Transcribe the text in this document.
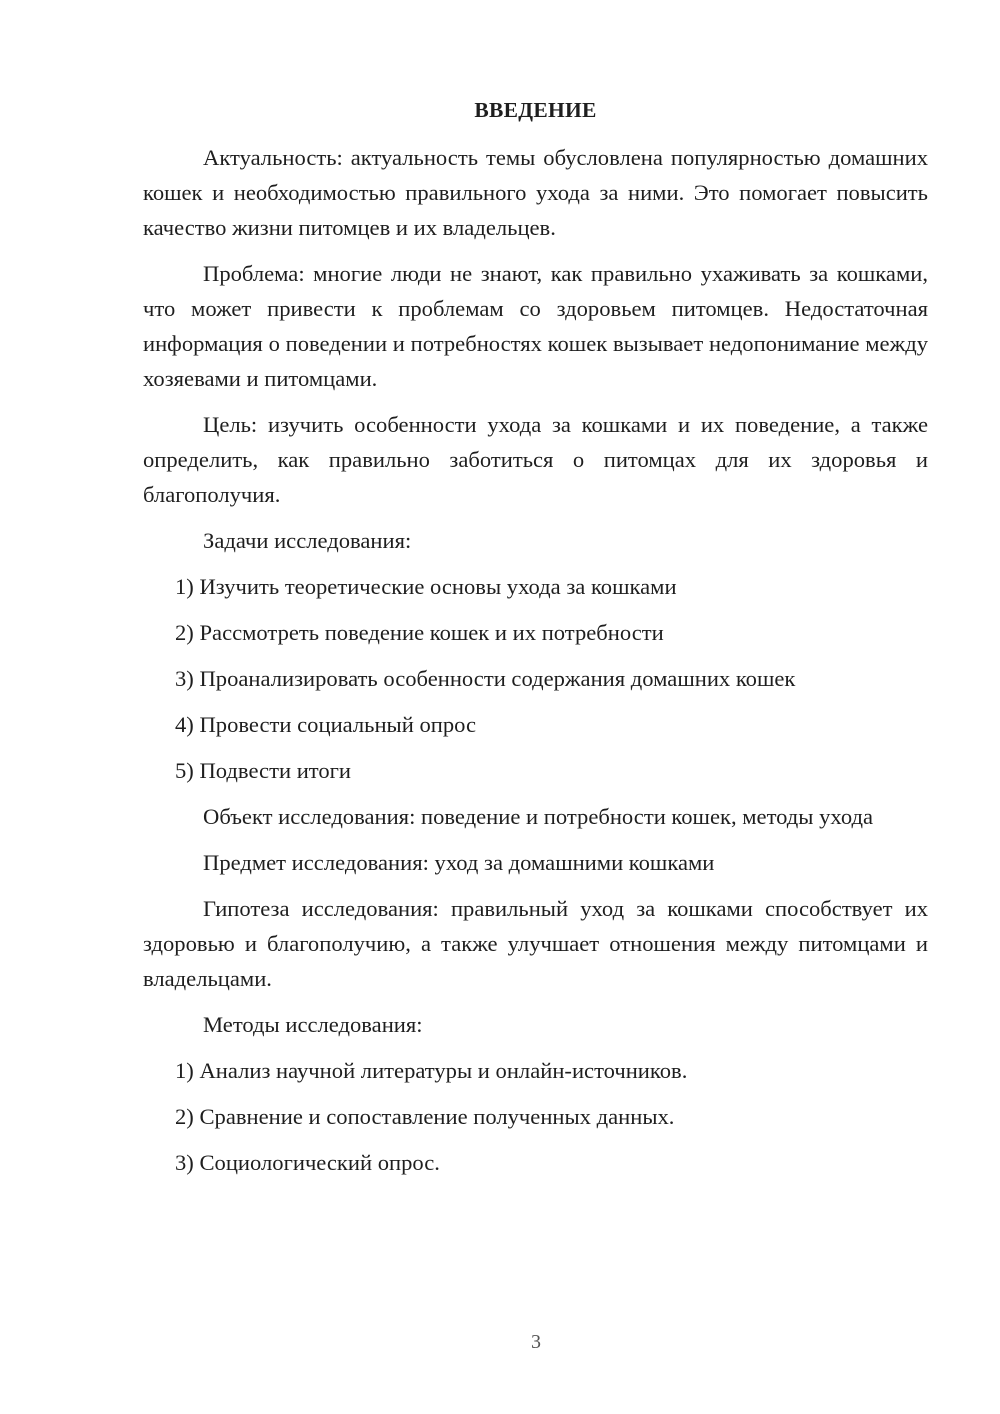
ВВЕДЕНИЕ

Актуальность: актуальность темы обусловлена популярностью домашних кошек и необходимостью правильного ухода за ними. Это помогает повысить качество жизни питомцев и их владельцев.

Проблема: многие люди не знают, как правильно ухаживать за кошками, что может привести к проблемам со здоровьем питомцев. Недостаточная информация о поведении и потребностях кошек вызывает недопонимание между хозяевами и питомцами.

Цель: изучить особенности ухода за кошками и их поведение, а также определить, как правильно заботиться о питомцах для их здоровья и благополучия.

Задачи исследования:

1) Изучить теоретические основы ухода за кошками

2) Рассмотреть поведение кошек и их потребности

3) Проанализировать особенности содержания домашних кошек

4) Провести социальный опрос

5) Подвести итоги

Объект исследования: поведение и потребности кошек, методы ухода

Предмет исследования: уход за домашними кошками

Гипотеза исследования: правильный уход за кошками способствует их здоровью и благополучию, а также улучшает отношения между питомцами и владельцами.

Методы исследования:

1) Анализ научной литературы и онлайн-источников.

2) Сравнение и сопоставление полученных данных.

3) Социологический опрос.

3
